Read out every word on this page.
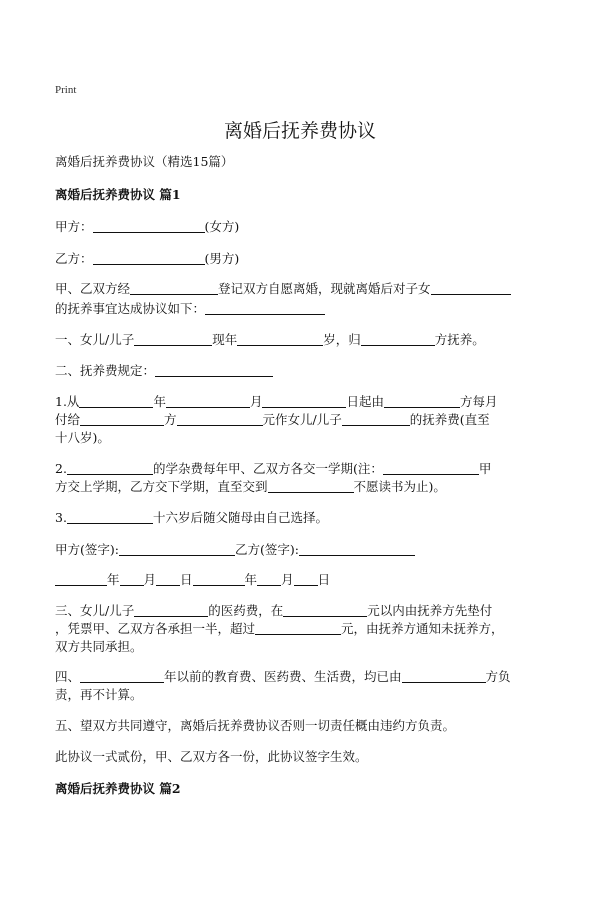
Print
离婚后抚养费协议
离婚后抚养费协议（精选15篇）
离婚后抚养费协议 篇1
甲方：	(女方)
乙方：	(男方)
甲、乙双方经	登记双方自愿离婚，现就离婚后对子女
的抚养事宜达成协议如下：
一、女儿/儿子	现年	岁，归	方抚养。
二、抚养费规定：
1.从	年	月	日起由	方每月
付给	方	元作女儿/儿子	的抚养费(直至
十八岁)。
2.	的学杂费每年甲、乙双方各交一学期(注：	甲
方交上学期，乙方交下学期，直至交到	不愿读书为止)。
3.	十六岁后随父随母由自己选择。
甲方(签字):	乙方(签字):
年 月 日	年 月 日
三、女儿/儿子	的医药费，在	元以内由抚养方先垫付
，凭票甲、乙双方各承担一半，超过	元，由抚养方通知未抚养方，
双方共同承担。
四、	年以前的教育费、医药费、生活费，均已由	方负
责，再不计算。
五、望双方共同遵守，离婚后抚养费协议否则一切责任概由违约方负责。
此协议一式贰份，甲、乙双方各一份，此协议签字生效。
离婚后抚养费协议 篇2
